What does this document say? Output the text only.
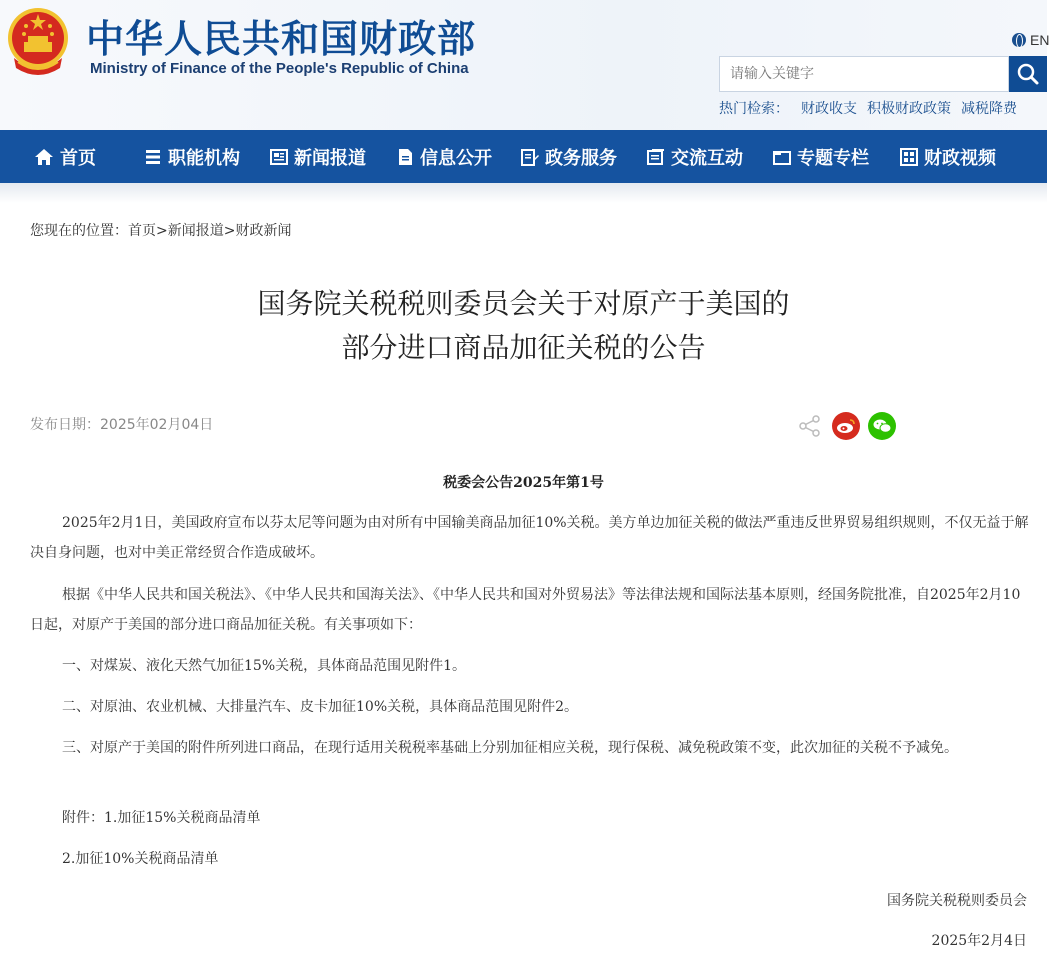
中华人民共和国财政部
Ministry of Finance of the People's Republic of China
EN
请输入关键字
热门检索： 财政收支 积极财政政策 减税降费
首页	职能机构	新闻报道	信息公开	政务服务	交流互动	专题专栏	财政视频
您现在的位置：首页>新闻报道>财政新闻
国务院关税税则委员会关于对原产于美国的
部分进口商品加征关税的公告
发布日期：2025年02月04日
税委会公告2025年第1号

2025年2月1日，美国政府宣布以芬太尼等问题为由对所有中国输美商品加征10%关税。美方单边加征关税的做法严重违反世界贸易组织规则，不仅无益于解决自身问题，也对中美正常经贸合作造成破坏。

根据《中华人民共和国关税法》、《中华人民共和国海关法》、《中华人民共和国对外贸易法》等法律法规和国际法基本原则，经国务院批准，自2025年2月10日起，对原产于美国的部分进口商品加征关税。有关事项如下：

一、对煤炭、液化天然气加征15%关税，具体商品范围见附件1。

二、对原油、农业机械、大排量汽车、皮卡加征10%关税，具体商品范围见附件2。

三、对原产于美国的附件所列进口商品，在现行适用关税税率基础上分别加征相应关税，现行保税、减免税政策不变，此次加征的关税不予减免。

附件：1.加征15%关税商品清单

2.加征10%关税商品清单

国务院关税税则委员会
2025年2月4日
